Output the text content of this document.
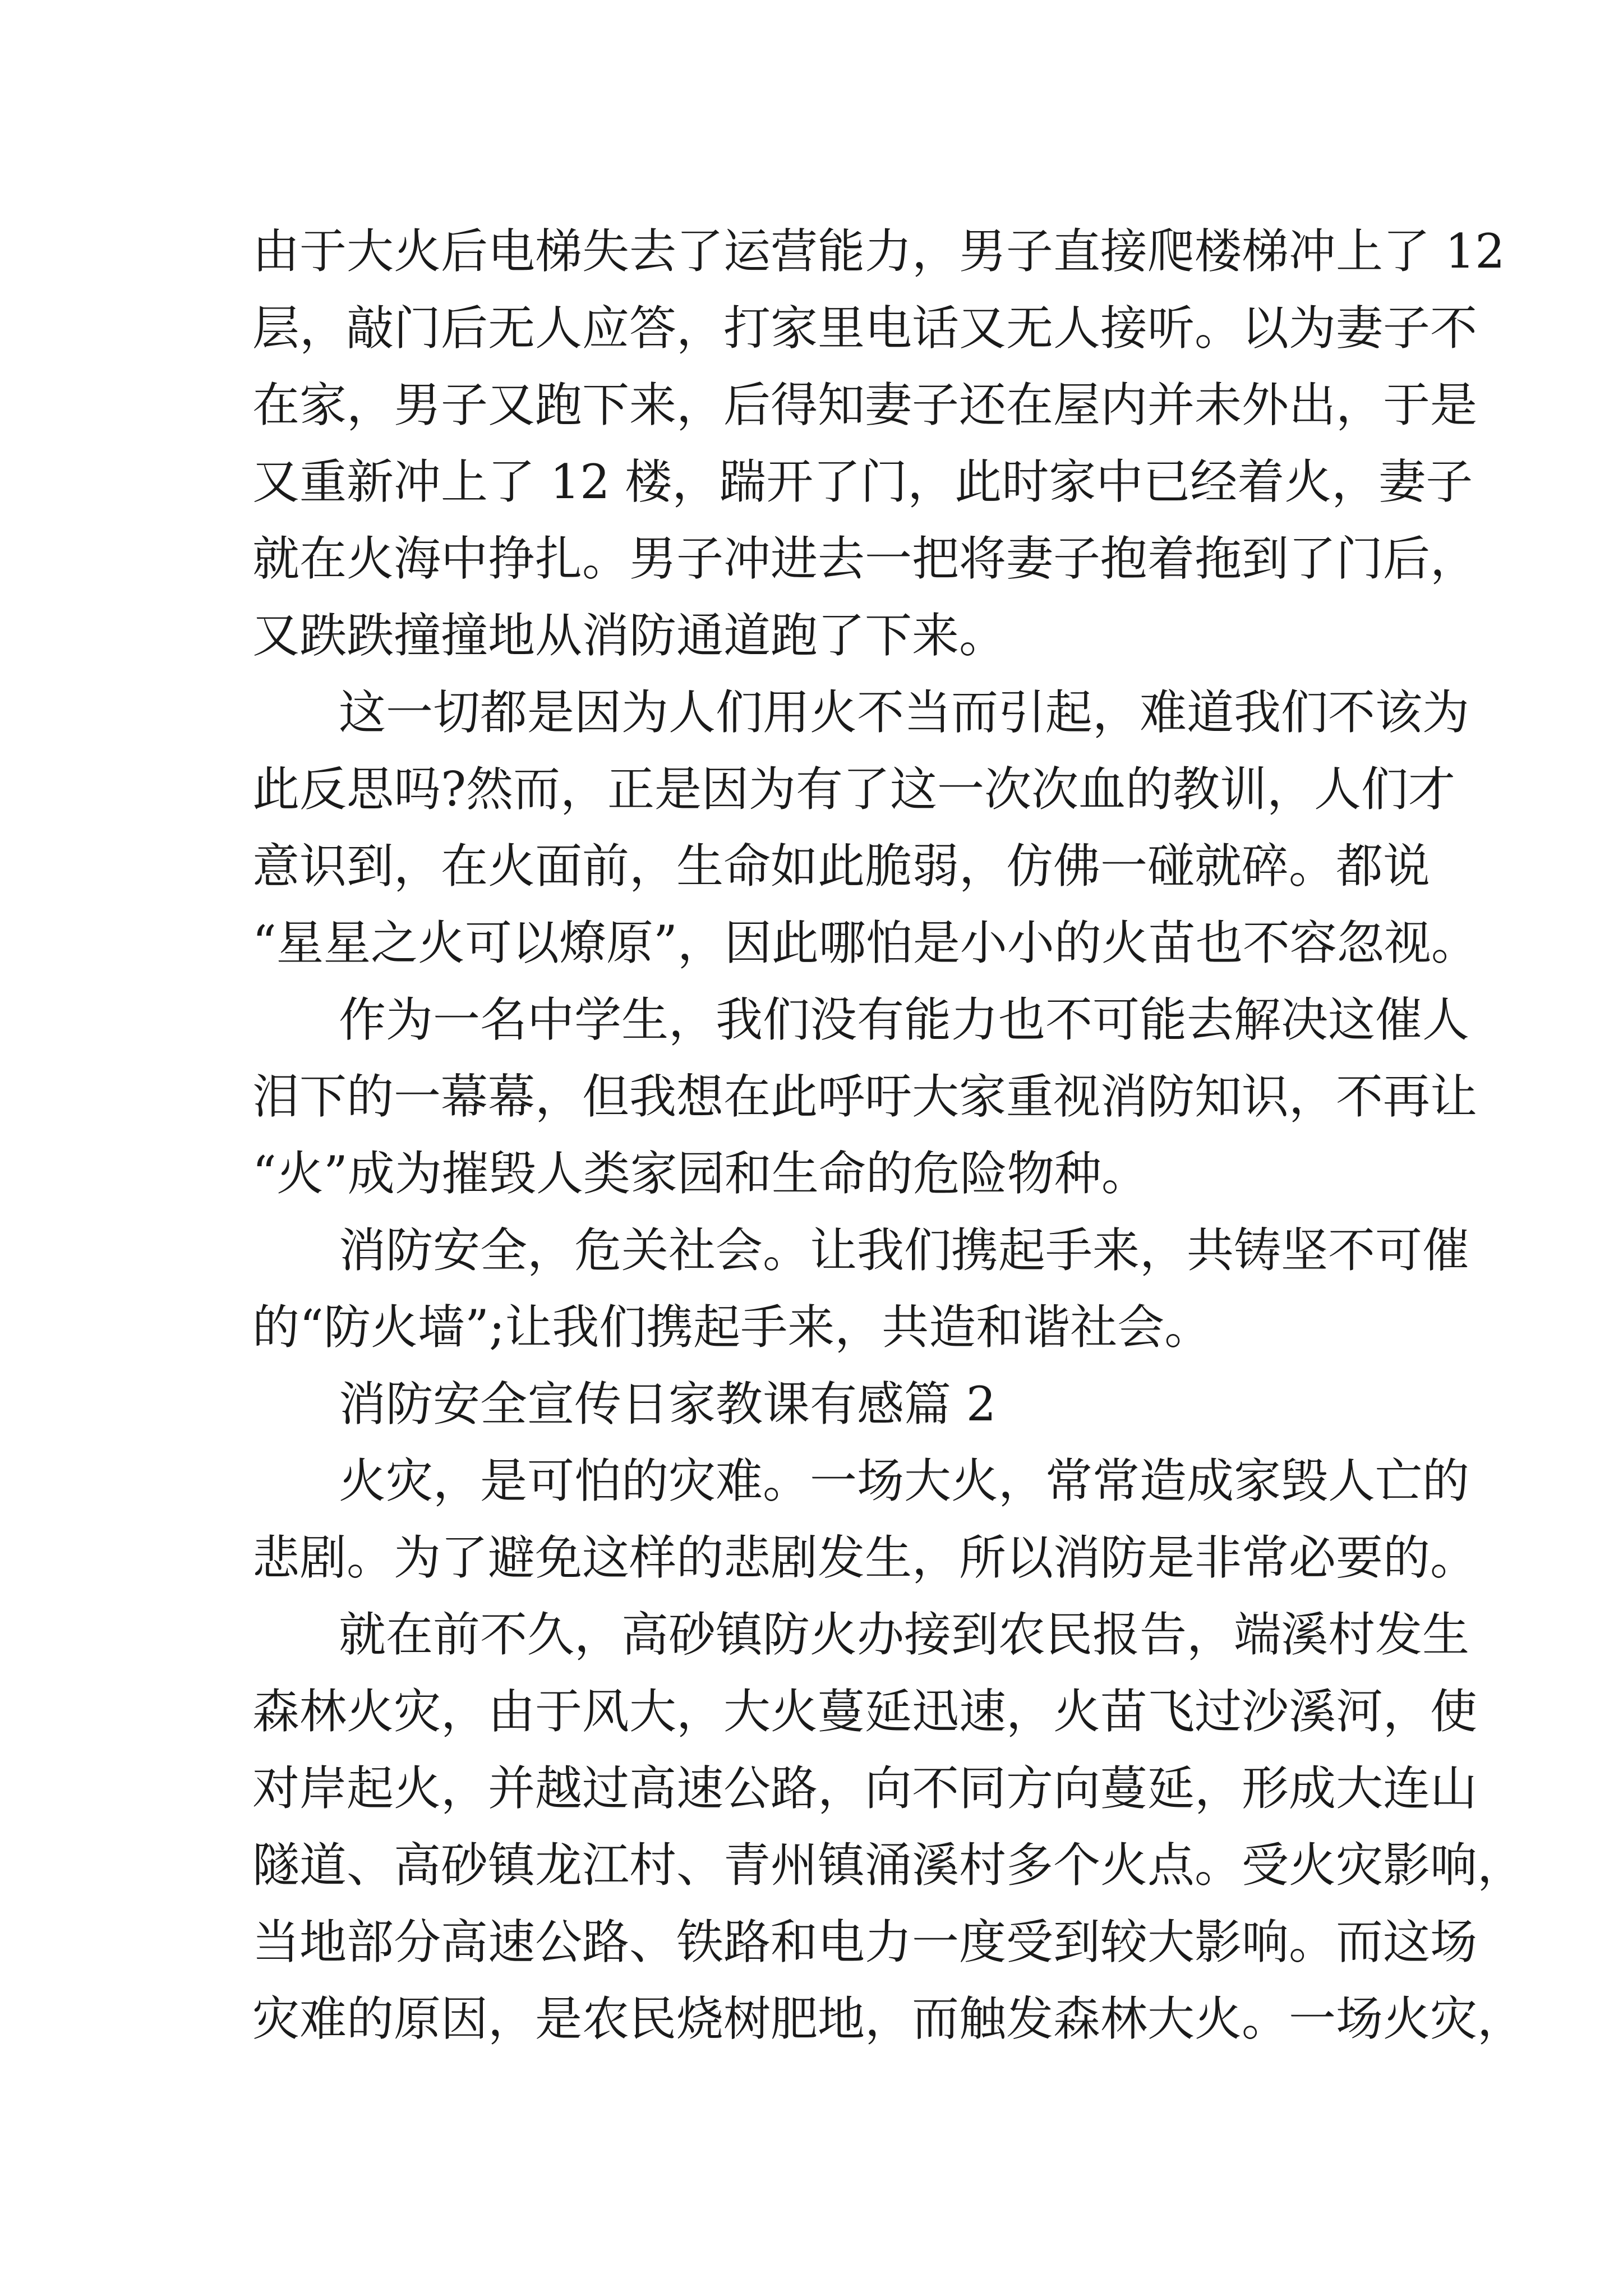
由于大火后电梯失去了运营能力，男子直接爬楼梯冲上了 12
层，敲门后无人应答，打家里电话又无人接听。以为妻子不
在家，男子又跑下来，后得知妻子还在屋内并未外出，于是
又重新冲上了 12 楼，踹开了门，此时家中已经着火，妻子
就在火海中挣扎。男子冲进去一把将妻子抱着拖到了门后，
又跌跌撞撞地从消防通道跑了下来。
这一切都是因为人们用火不当而引起，难道我们不该为
此反思吗?然而，正是因为有了这一次次血的教训，人们才
意识到，在火面前，生命如此脆弱，仿佛一碰就碎。都说
“星星之火可以燎原”，因此哪怕是小小的火苗也不容忽视。
作为一名中学生，我们没有能力也不可能去解决这催人
泪下的一幕幕，但我想在此呼吁大家重视消防知识，不再让
“火”成为摧毁人类家园和生命的危险物种。
消防安全，危关社会。让我们携起手来，共铸坚不可催
的“防火墙”;让我们携起手来，共造和谐社会。
消防安全宣传日家教课有感篇 2
火灾，是可怕的灾难。一场大火，常常造成家毁人亡的
悲剧。为了避免这样的悲剧发生，所以消防是非常必要的。
就在前不久，高砂镇防火办接到农民报告，端溪村发生
森林火灾，由于风大，大火蔓延迅速，火苗飞过沙溪河，使
对岸起火，并越过高速公路，向不同方向蔓延，形成大连山
隧道、高砂镇龙江村、青州镇涌溪村多个火点。受火灾影响，
当地部分高速公路、铁路和电力一度受到较大影响。而这场
灾难的原因，是农民烧树肥地，而触发森林大火。一场火灾，
